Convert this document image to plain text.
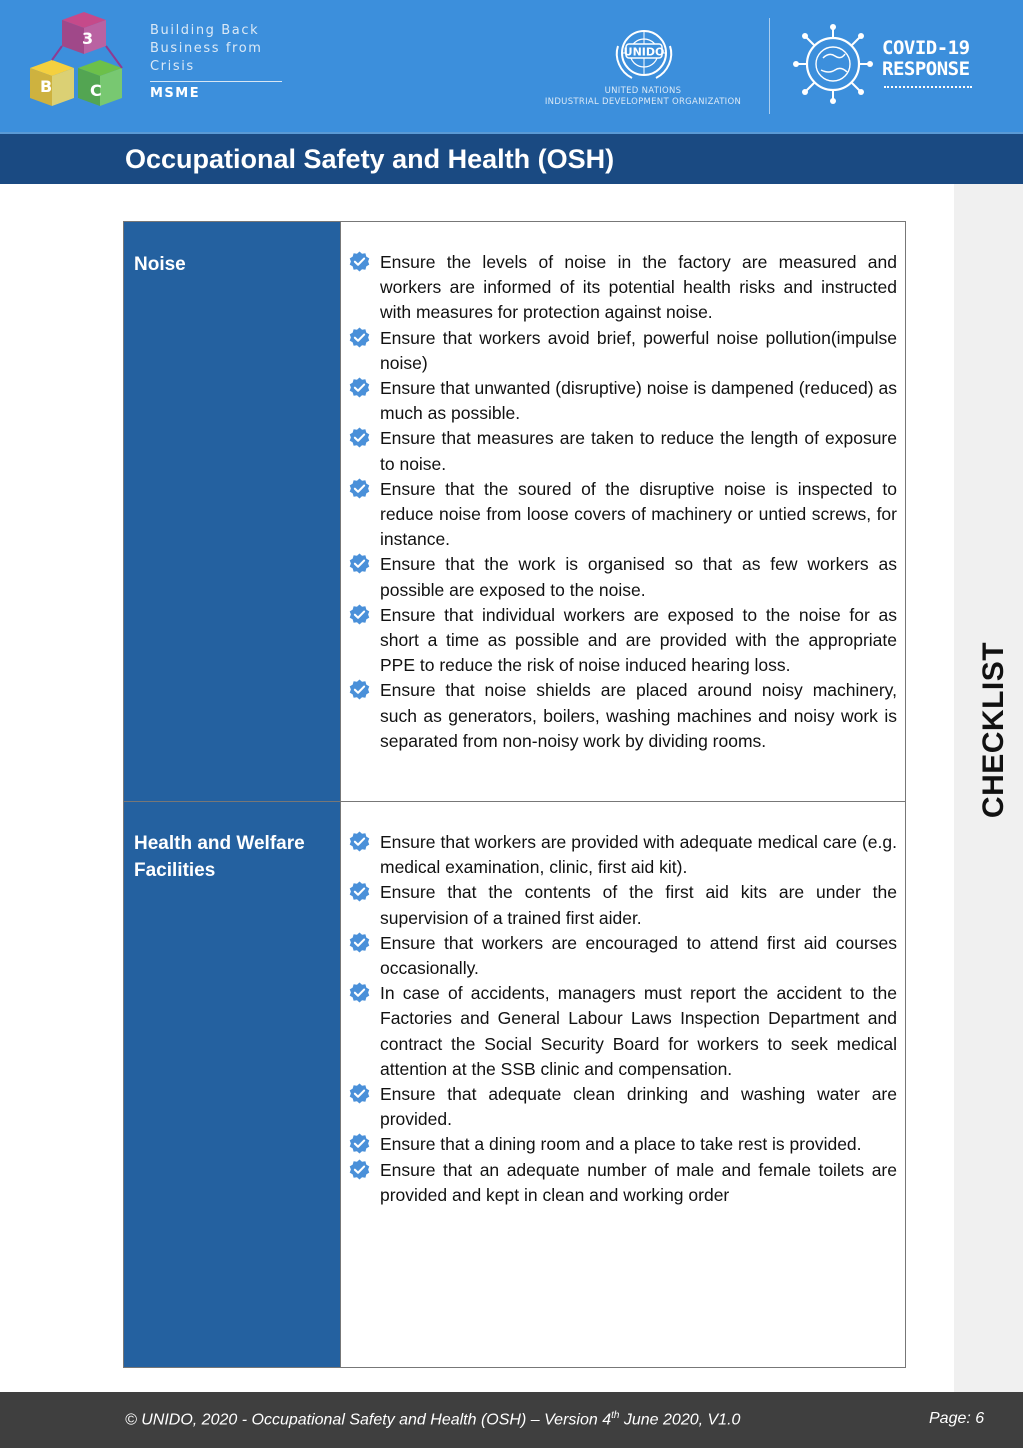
3
B C
Building Back
Business from
Crisis
MSME
UNIDO
UNITED NATIONS
INDUSTRIAL DEVELOPMENT ORGANIZATION
COVID-19
RESPONSE
Occupational Safety and Health (OSH)
CHECKLIST
Noise	Ensure the levels of noise in the factory are measured and workers are informed of its potential health risks and instructed with measures for protection against noise.
Ensure that workers avoid brief, powerful noise pollution(impulse noise)
Ensure that unwanted (disruptive) noise is dampened (reduced) as much as possible.
Ensure that measures are taken to reduce the length of exposure to noise.
Ensure that the soured of the disruptive noise is inspected to reduce noise from loose covers of machinery or untied screws, for instance.
Ensure that the work is organised so that as few workers as possible are exposed to the noise.
Ensure that individual workers are exposed to the noise for as short a time as possible and are provided with the appropriate PPE to reduce the risk of noise induced hearing loss.
Ensure that noise shields are placed around noisy machinery, such as generators, boilers, washing machines and noisy work is separated from non-noisy work by dividing rooms.
Health and Welfare
Facilities
Ensure that workers are provided with adequate medical care (e.g. medical examination, clinic, first aid kit).
Ensure that the contents of the first aid kits are under the supervision of a trained first aider.
Ensure that workers are encouraged to attend first aid courses occasionally.
In case of accidents, managers must report the accident to the Factories and General Labour Laws Inspection Department and contract the Social Security Board for workers to seek medical attention at the SSB clinic and compensation.
Ensure that adequate clean drinking and washing water are provided.
Ensure that a dining room and a place to take rest is provided.
Ensure that an adequate number of male and female toilets are provided and kept in clean and working order
© UNIDO, 2020 - Occupational Safety and Health (OSH) – Version 4th June 2020, V1.0	Page: 6
